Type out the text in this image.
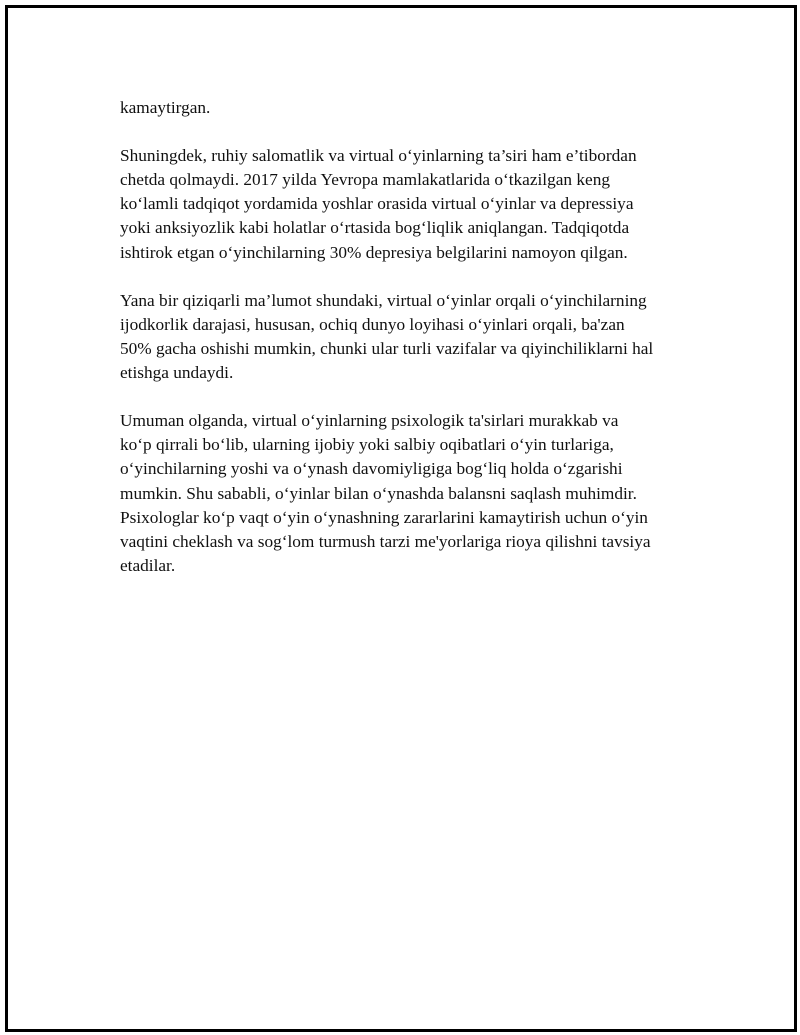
kamaytirgan.

Shuningdek, ruhiy salomatlik va virtual o‘yinlarning ta’siri ham e’tibordan
chetda qolmaydi. 2017 yilda Yevropa mamlakatlarida o‘tkazilgan keng
ko‘lamli tadqiqot yordamida yoshlar orasida virtual o‘yinlar va depressiya
yoki anksiyozlik kabi holatlar o‘rtasida bog‘liqlik aniqlangan. Tadqiqotda
ishtirok etgan o‘yinchilarning 30% depresiya belgilarini namoyon qilgan.

Yana bir qiziqarli ma’lumot shundaki, virtual o‘yinlar orqali o‘yinchilarning
ijodkorlik darajasi, hususan, ochiq dunyo loyihasi o‘yinlari orqali, ba'zan
50% gacha oshishi mumkin, chunki ular turli vazifalar va qiyinchiliklarni hal
etishga undaydi.

Umuman olganda, virtual o‘yinlarning psixologik ta'sirlari murakkab va
ko‘p qirrali bo‘lib, ularning ijobiy yoki salbiy oqibatlari o‘yin turlariga,
o‘yinchilarning yoshi va o‘ynash davomiyligiga bog‘liq holda o‘zgarishi
mumkin. Shu sababli, o‘yinlar bilan o‘ynashda balansni saqlash muhimdir.
Psixologlar ko‘p vaqt o‘yin o‘ynashning zararlarini kamaytirish uchun o‘yin
vaqtini cheklash va sog‘lom turmush tarzi me'yorlariga rioya qilishni tavsiya
etadilar.
